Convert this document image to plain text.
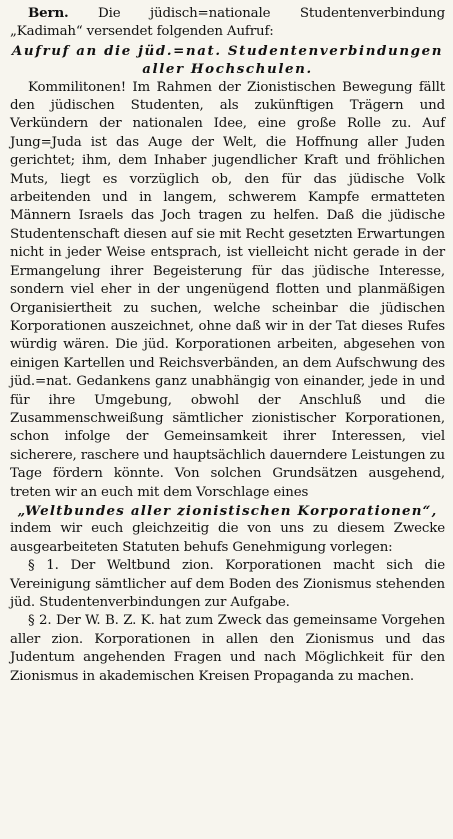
Bern. Die jüdisch=nationale Studentenverbindung „Kadimah“ versendet folgenden Aufruf:

Aufruf an die jüd.=nat. Studentenverbindungen aller Hochschulen.

Kommilitonen! Im Rahmen der Zionistischen Bewegung fällt den jüdischen Studenten, als zukünftigen Trägern und Verkündern der nationalen Idee, eine große Rolle zu. Auf Jung=Juda ist das Auge der Welt, die Hoffnung aller Juden gerichtet; ihm, dem Inhaber jugendlicher Kraft und fröhlichen Muts, liegt es vorzüglich ob, den für das jüdische Volk arbeitenden und in langem, schwerem Kampfe ermatteten Männern Israels das Joch tragen zu helfen. Daß die jüdische Studentenschaft diesen auf sie mit Recht gesetzten Erwartungen nicht in jeder Weise entsprach, ist vielleicht nicht gerade in der Ermangelung ihrer Begeisterung für das jüdische Interesse, sondern viel eher in der ungenügend flotten und planmäßigen Organisiertheit zu suchen, welche scheinbar die jüdischen Korporationen auszeichnet, ohne daß wir in der Tat dieses Rufes würdig wären. Die jüd. Korporationen arbeiten, abgesehen von einigen Kartellen und Reichsverbänden, an dem Aufschwung des jüd.=nat. Gedankens ganz unabhängig von einander, jede in und für ihre Umgebung, obwohl der Anschluß und die Zusammenschweißung sämtlicher zionistischer Korporationen, schon infolge der Gemeinsamkeit ihrer Interessen, viel sicherere, raschere und hauptsächlich dauerndere Leistungen zu Tage fördern könnte. Von solchen Grundsätzen ausgehend, treten wir an euch mit dem Vorschlage eines

„Weltbundes aller zionistischen Korporationen“,

indem wir euch gleichzeitig die von uns zu diesem Zwecke ausgearbeiteten Statuten behufs Genehmigung vorlegen:

§ 1. Der Weltbund zion. Korporationen macht sich die Vereinigung sämtlicher auf dem Boden des Zionismus stehenden jüd. Studentenverbindungen zur Aufgabe.

§ 2. Der W. B. Z. K. hat zum Zweck das gemeinsame Vorgehen aller zion. Korporationen in allen den Zionismus und das Judentum angehenden Fragen und nach Möglichkeit für den Zionismus in akademischen Kreisen Propaganda zu machen.
